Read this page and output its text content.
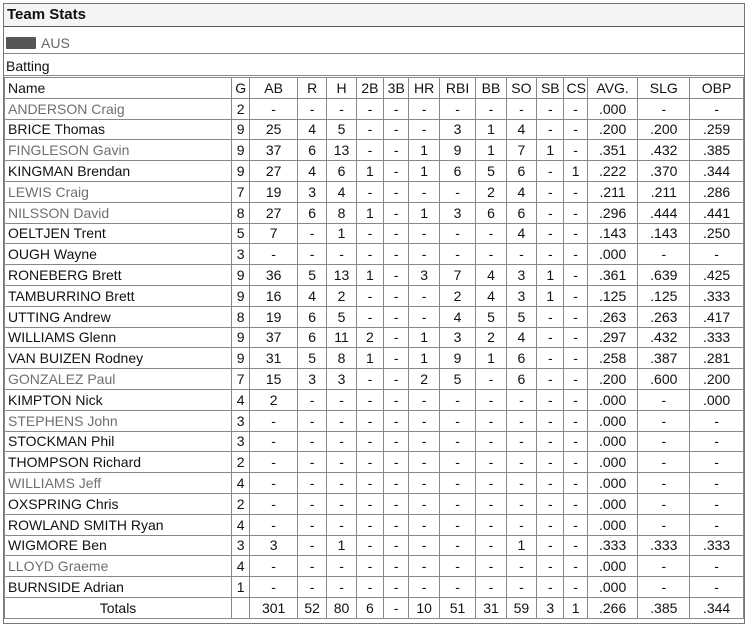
Team Stats
AUS
Batting
Name	G	AB	R	H	2B	3B	HR	RBI	BB	SO	SB	CS	AVG.	SLG	OBP
ANDERSON Craig	2	-	-	-	-	-	-	-	-	-	-	-	.000	-	-
BRICE Thomas	9	25	4	5	-	-	-	3	1	4	-	-	.200	.200	.259
FINGLESON Gavin	9	37	6	13	-	-	1	9	1	7	1	-	.351	.432	.385
KINGMAN Brendan	9	27	4	6	1	-	1	6	5	6	-	1	.222	.370	.344
LEWIS Craig	7	19	3	4	-	-	-	-	2	4	-	-	.211	.211	.286
NILSSON David	8	27	6	8	1	-	1	3	6	6	-	-	.296	.444	.441
OELTJEN Trent	5	7	-	1	-	-	-	-	-	4	-	-	.143	.143	.250
OUGH Wayne	3	-	-	-	-	-	-	-	-	-	-	-	.000	-	-
RONEBERG Brett	9	36	5	13	1	-	3	7	4	3	1	-	.361	.639	.425
TAMBURRINO Brett	9	16	4	2	-	-	-	2	4	3	1	-	.125	.125	.333
UTTING Andrew	8	19	6	5	-	-	-	4	5	5	-	-	.263	.263	.417
WILLIAMS Glenn	9	37	6	11	2	-	1	3	2	4	-	-	.297	.432	.333
VAN BUIZEN Rodney	9	31	5	8	1	-	1	9	1	6	-	-	.258	.387	.281
GONZALEZ Paul	7	15	3	3	-	-	2	5	-	6	-	-	.200	.600	.200
KIMPTON Nick	4	2	-	-	-	-	-	-	-	-	-	-	.000	-	.000
STEPHENS John	3	-	-	-	-	-	-	-	-	-	-	-	.000	-	-
STOCKMAN Phil	3	-	-	-	-	-	-	-	-	-	-	-	.000	-	-
THOMPSON Richard	2	-	-	-	-	-	-	-	-	-	-	-	.000	-	-
WILLIAMS Jeff	4	-	-	-	-	-	-	-	-	-	-	-	.000	-	-
OXSPRING Chris	2	-	-	-	-	-	-	-	-	-	-	-	.000	-	-
ROWLAND SMITH Ryan	4	-	-	-	-	-	-	-	-	-	-	-	.000	-	-
WIGMORE Ben	3	3	-	1	-	-	-	-	-	1	-	-	.333	.333	.333
LLOYD Graeme	4	-	-	-	-	-	-	-	-	-	-	-	.000	-	-
BURNSIDE Adrian	1	-	-	-	-	-	-	-	-	-	-	-	.000	-	-
Totals		301	52	80	6	-	10	51	31	59	3	1	.266	.385	.344
